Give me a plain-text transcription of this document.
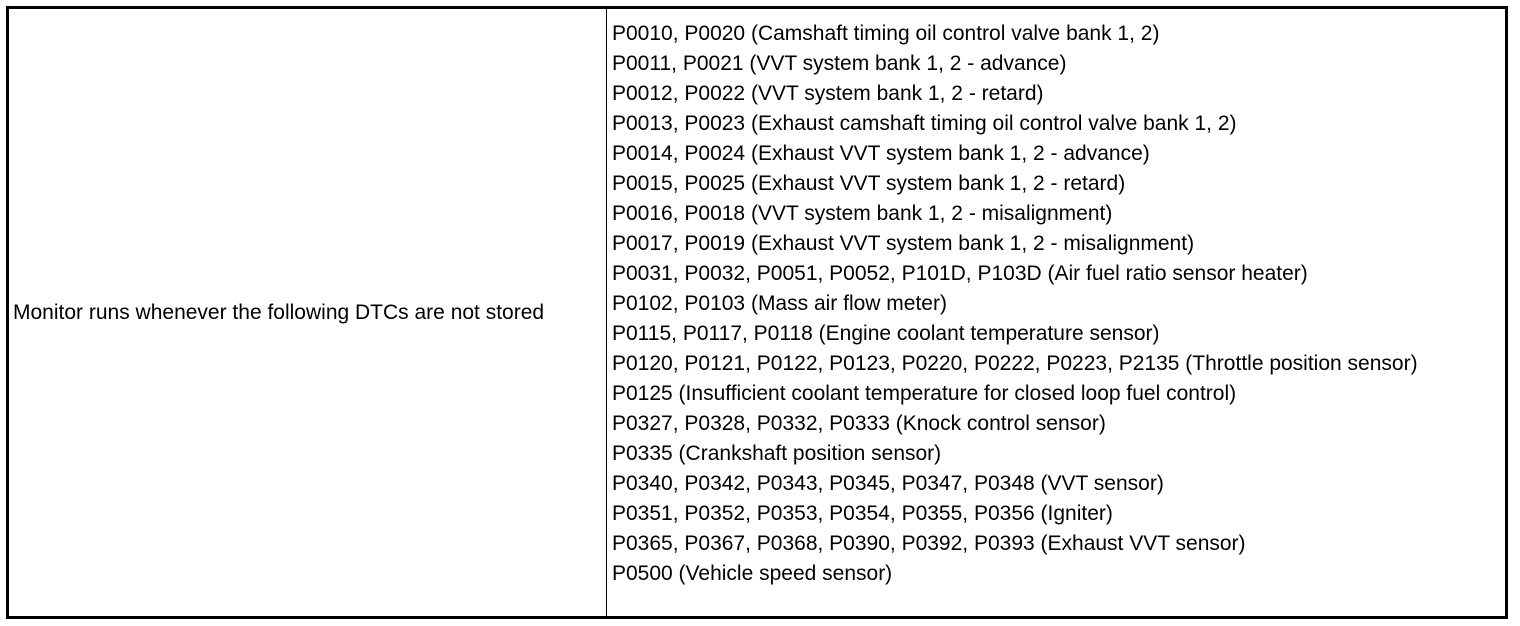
Monitor runs whenever the following DTCs are not stored
P0010, P0020 (Camshaft timing oil control valve bank 1, 2)
P0011, P0021 (VVT system bank 1, 2 - advance)
P0012, P0022 (VVT system bank 1, 2 - retard)
P0013, P0023 (Exhaust camshaft timing oil control valve bank 1, 2)
P0014, P0024 (Exhaust VVT system bank 1, 2 - advance)
P0015, P0025 (Exhaust VVT system bank 1, 2 - retard)
P0016, P0018 (VVT system bank 1, 2 - misalignment)
P0017, P0019 (Exhaust VVT system bank 1, 2 - misalignment)
P0031, P0032, P0051, P0052, P101D, P103D (Air fuel ratio sensor heater)
P0102, P0103 (Mass air flow meter)
P0115, P0117, P0118 (Engine coolant temperature sensor)
P0120, P0121, P0122, P0123, P0220, P0222, P0223, P2135 (Throttle position sensor)
P0125 (Insufficient coolant temperature for closed loop fuel control)
P0327, P0328, P0332, P0333 (Knock control sensor)
P0335 (Crankshaft position sensor)
P0340, P0342, P0343, P0345, P0347, P0348 (VVT sensor)
P0351, P0352, P0353, P0354, P0355, P0356 (Igniter)
P0365, P0367, P0368, P0390, P0392, P0393 (Exhaust VVT sensor)
P0500 (Vehicle speed sensor)
